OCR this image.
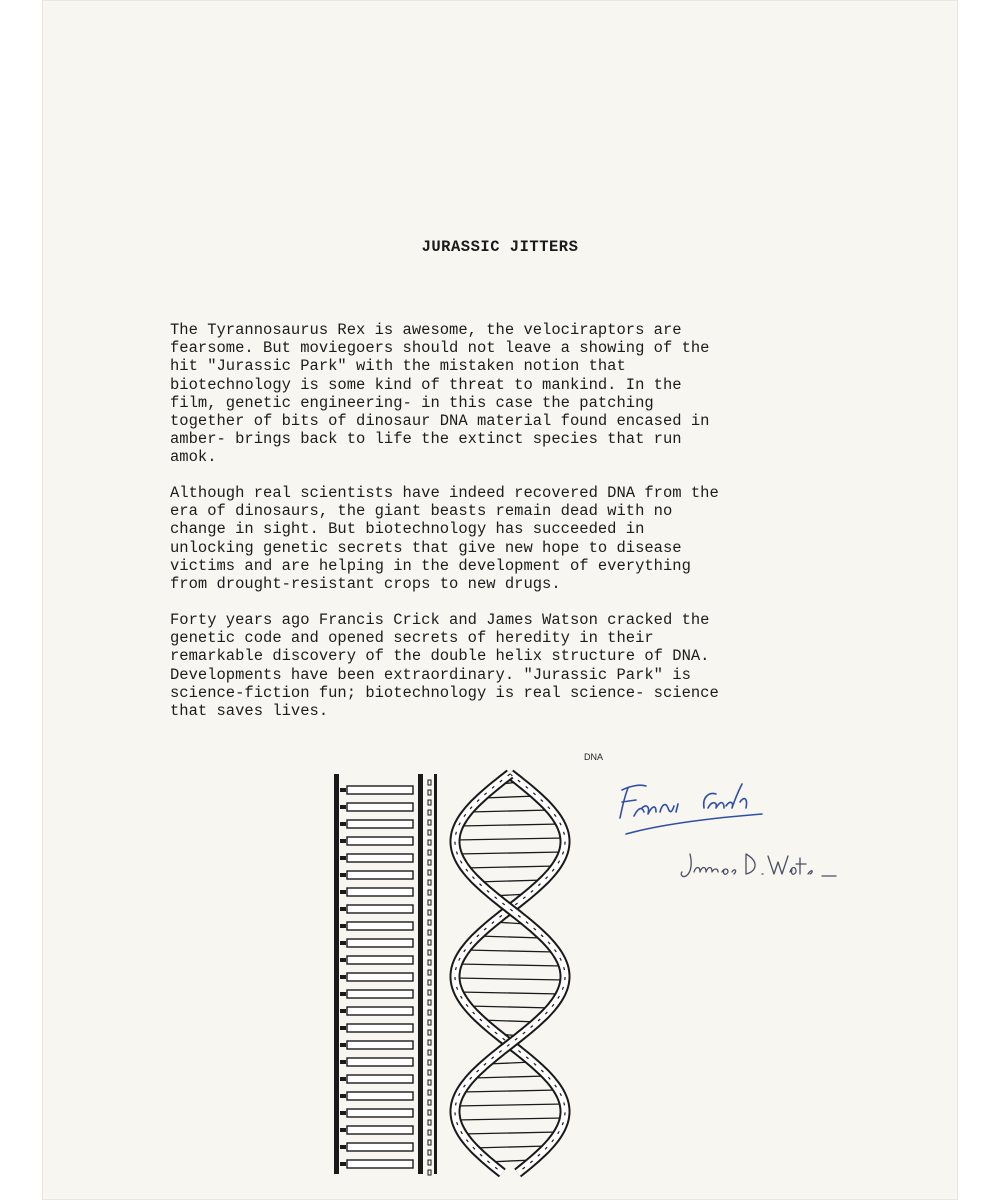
JURASSIC JITTERS

The Tyrannosaurus Rex is awesome, the velociraptors are
fearsome. But moviegoers should not leave a showing of the
hit "Jurassic Park" with the mistaken notion that
biotechnology is some kind of threat to mankind. In the
film, genetic engineering- in this case the patching
together of bits of dinosaur DNA material found encased in
amber- brings back to life the extinct species that run
amok.

Although real scientists have indeed recovered DNA from the
era of dinosaurs, the giant beasts remain dead with no
change in sight. But biotechnology has succeeded in
unlocking genetic secrets that give new hope to disease
victims and are helping in the development of everything
from drought-resistant crops to new drugs.

Forty years ago Francis Crick and James Watson cracked the
genetic code and opened secrets of heredity in their
remarkable discovery of the double helix structure of DNA.
Developments have been extraordinary. "Jurassic Park" is
science-fiction fun; biotechnology is real science- science
that saves lives.

DNA
